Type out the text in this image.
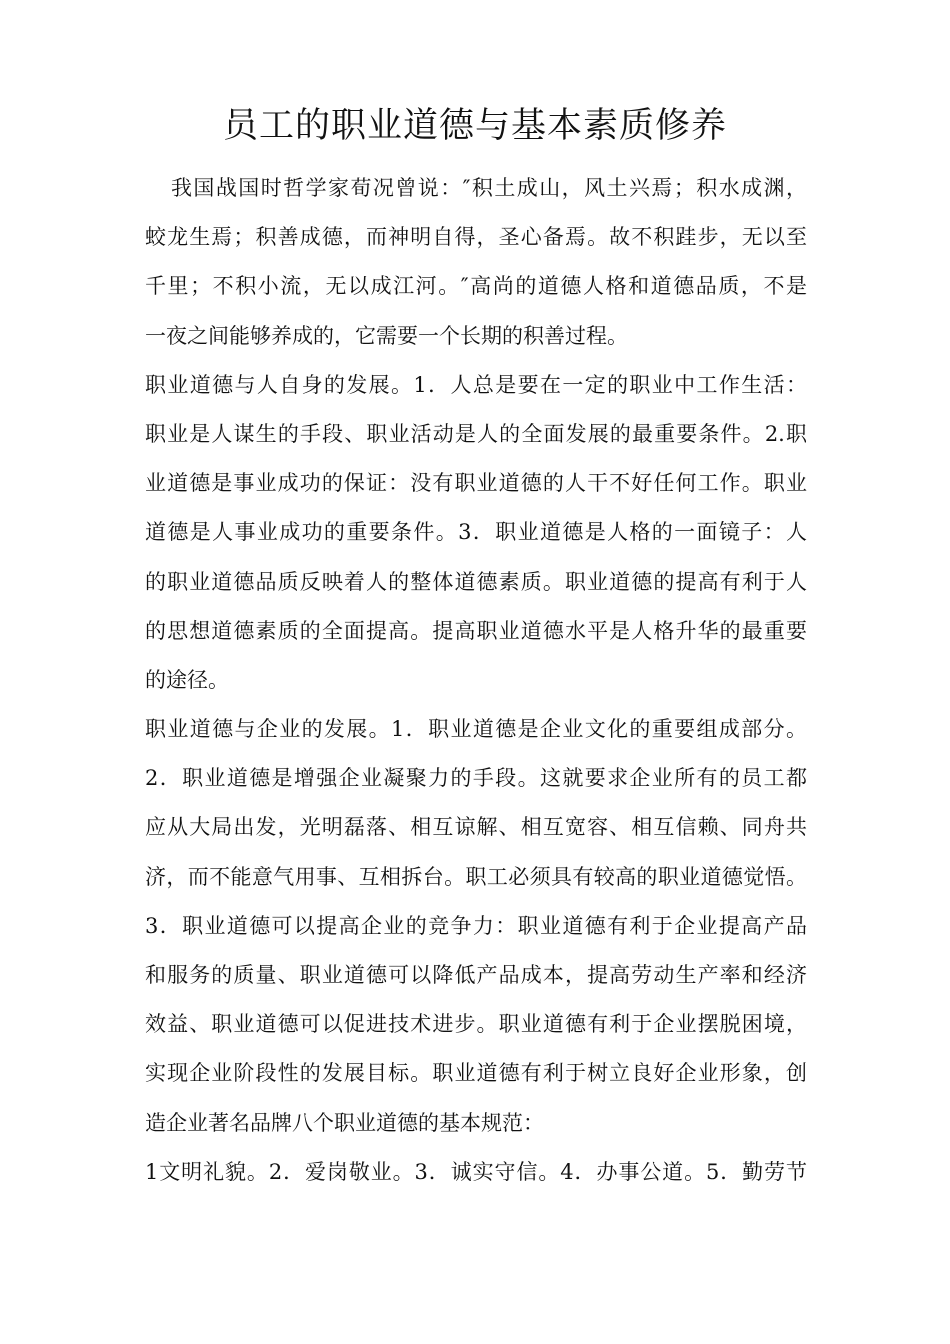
员工的职业道德与基本素质修养
我国战国时哲学家荀况曾说：″积土成山，风土兴焉；积水成渊，
蛟龙生焉；积善成德，而神明自得，圣心备焉。故不积跬步，无以至
千里；不积小流，无以成江河。″高尚的道德人格和道德品质，不是
一夜之间能够养成的，它需要一个长期的积善过程。
职业道德与人自身的发展。1．人总是要在一定的职业中工作生活：
职业是人谋生的手段、职业活动是人的全面发展的最重要条件。2.职
业道德是事业成功的保证：没有职业道德的人干不好任何工作。职业
道德是人事业成功的重要条件。3．职业道德是人格的一面镜子：人
的职业道德品质反映着人的整体道德素质。职业道德的提高有利于人
的思想道德素质的全面提高。提高职业道德水平是人格升华的最重要
的途径。
职业道德与企业的发展。1．职业道德是企业文化的重要组成部分。
2．职业道德是增强企业凝聚力的手段。这就要求企业所有的员工都
应从大局出发，光明磊落、相互谅解、相互宽容、相互信赖、同舟共
济，而不能意气用事、互相拆台。职工必须具有较高的职业道德觉悟。
3．职业道德可以提高企业的竞争力：职业道德有利于企业提高产品
和服务的质量、职业道德可以降低产品成本，提高劳动生产率和经济
效益、职业道德可以促进技术进步。职业道德有利于企业摆脱困境，
实现企业阶段性的发展目标。职业道德有利于树立良好企业形象，创
造企业著名品牌八个职业道德的基本规范：
1文明礼貌。2．爱岗敬业。3．诚实守信。4．办事公道。5．勤劳节
